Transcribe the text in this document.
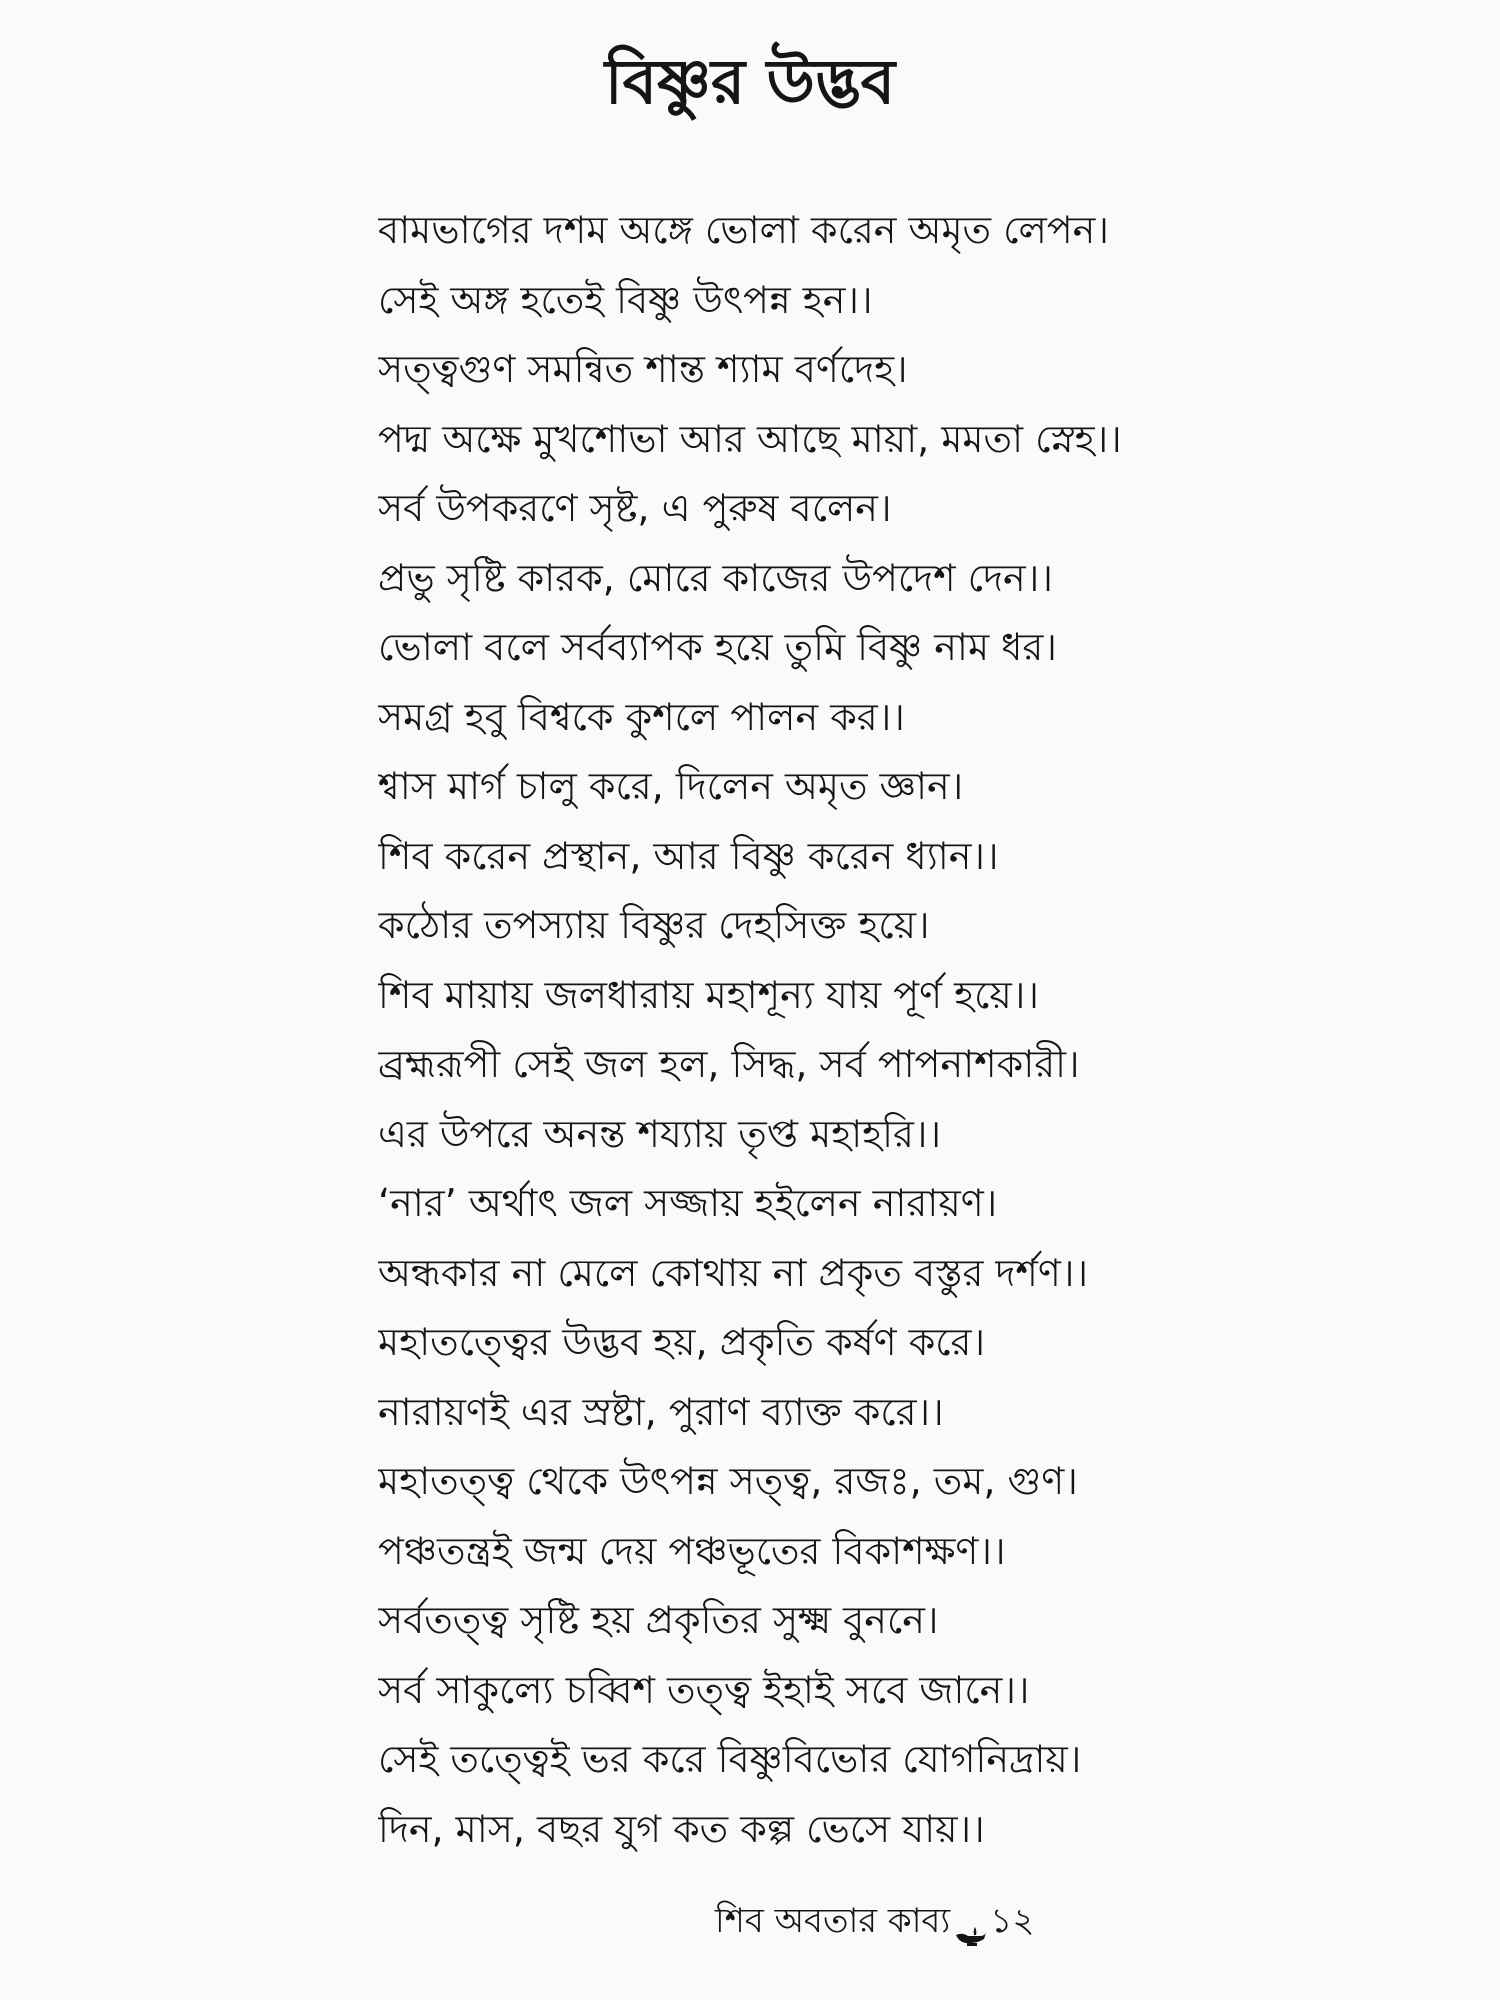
বিষ্ণুর উদ্ভব
বামভাগের দশম অঙ্গে ভোলা করেন অমৃত লেপন।
সেই অঙ্গ হতেই বিষ্ণু উৎপন্ন হন।।
সত্ত্বগুণ সমন্বিত শান্ত শ্যাম বর্ণদেহ।
পদ্ম অক্ষে মুখশোভা আর আছে মায়া, মমতা স্নেহ।।
সর্ব উপকরণে সৃষ্ট, এ পুরুষ বলেন।
প্রভু সৃষ্টি কারক, মোরে কাজের উপদেশ দেন।।
ভোলা বলে সর্বব্যাপক হয়ে তুমি বিষ্ণু নাম ধর।
সমগ্র হবু বিশ্বকে কুশলে পালন কর।।
শ্বাস মার্গ চালু করে, দিলেন অমৃত জ্ঞান।
শিব করেন প্রস্থান, আর বিষ্ণু করেন ধ্যান।।
কঠোর তপস্যায় বিষ্ণুর দেহসিক্ত হয়ে।
শিব মায়ায় জলধারায় মহাশূন্য যায় পূর্ণ হয়ে।।
ব্রহ্মরূপী সেই জল হল, সিদ্ধ, সর্ব পাপনাশকারী।
এর উপরে অনন্ত শয্যায় তৃপ্ত মহাহরি।।
‘নার’ অর্থাৎ জল সজ্জায় হইলেন নারায়ণ।
অন্ধকার না মেলে কোথায় না প্রকৃত বস্তুর দর্শণ।।
মহাতত্ত্বের উদ্ভব হয়, প্রকৃতি কর্ষণ করে।
নারায়ণই এর স্রষ্টা, পুরাণ ব্যাক্ত করে।।
মহাতত্ত্ব থেকে উৎপন্ন সত্ত্ব, রজঃ, তম, গুণ।
পঞ্চতন্ত্রই জন্ম দেয় পঞ্চভূতের বিকাশক্ষণ।।
সর্বতত্ত্ব সৃষ্টি হয় প্রকৃতির সুক্ষ্ম বুননে।
সর্ব সাকুল্যে চব্বিশ তত্ত্ব ইহাই সবে জানে।।
সেই তত্ত্বেই ভর করে বিষ্ণুবিভোর যোগনিদ্রায়।
দিন, মাস, বছর যুগ কত কল্প ভেসে যায়।।
শিব অবতার কাব্য ১২
